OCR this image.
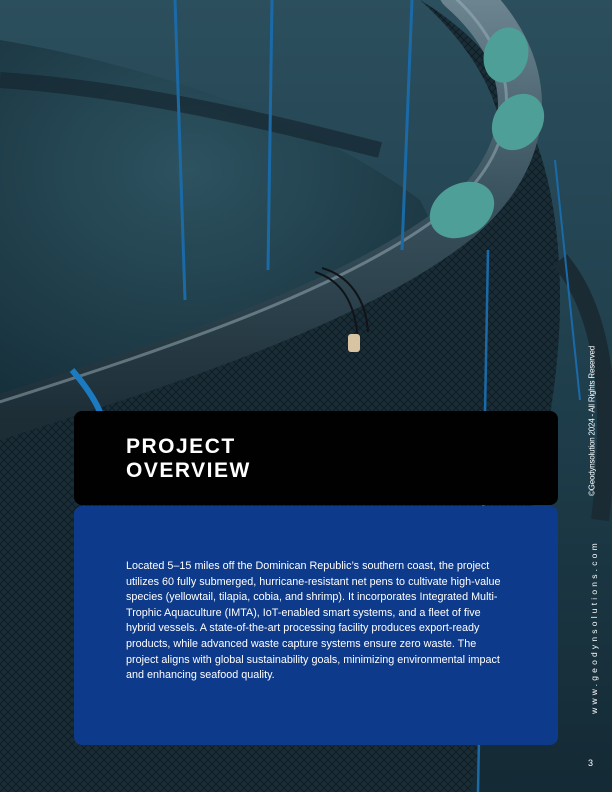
PROJECT OVERVIEW

Located 5–15 miles off the Dominican Republic’s southern coast, the project utilizes 60 fully submerged, hurricane-resistant net pens to cultivate high-value species (yellowtail, tilapia, cobia, and shrimp). It incorporates Integrated Multi-Trophic Aquaculture (IMTA), IoT-enabled smart systems, and a fleet of five hybrid vessels. A state-of-the-art processing facility produces export-ready products, while advanced waste capture systems ensure zero waste. The project aligns with global sustainability goals, minimizing environmental impact and enhancing seafood quality.

©Geodynsolution 2024 - All Rights Reserved
www.geodynsolutions.com
3
